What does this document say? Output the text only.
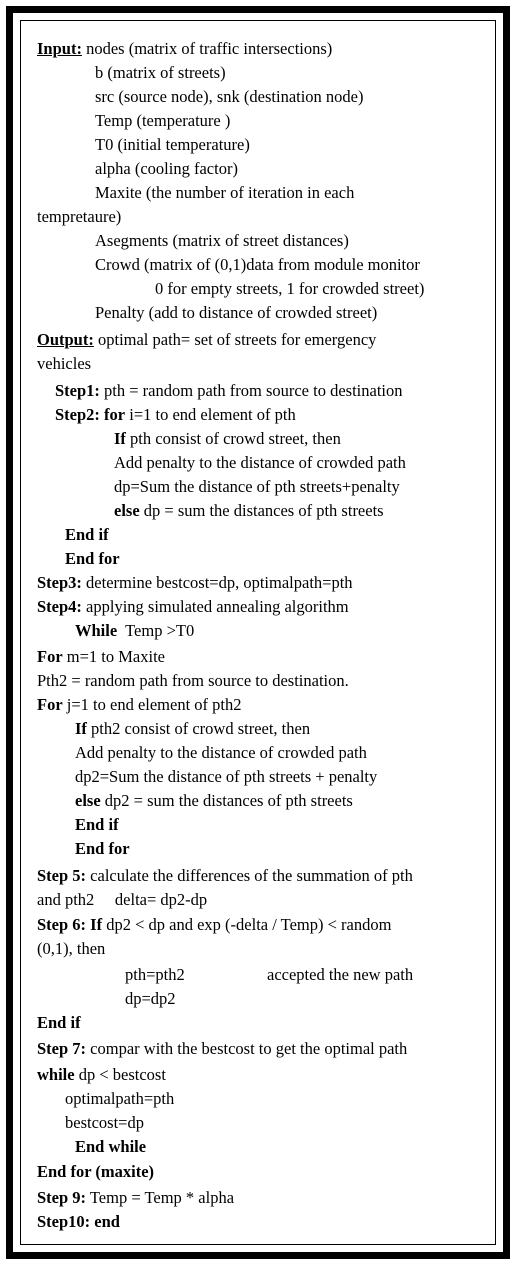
Input: nodes (matrix of traffic intersections)
b (matrix of streets)
src (source node), snk (destination node)
Temp (temperature )
T0 (initial temperature)
alpha (cooling factor)
Maxite (the number of iteration in each
tempretaure)
Asegments (matrix of street distances)
Crowd (matrix of (0,1)data from module monitor
0 for empty streets, 1 for crowded street)
Penalty (add to distance of crowded street)
Output: optimal path= set of streets for emergency
vehicles
Step1: pth = random path from source to destination
Step2: for i=1 to end element of pth
If pth consist of crowd street, then
Add penalty to the distance of crowded path
dp=Sum the distance of pth streets+penalty
else dp = sum the distances of pth streets
End if
End for
Step3: determine bestcost=dp, optimalpath=pth
Step4: applying simulated annealing algorithm
While Temp >T0
For m=1 to Maxite
Pth2 = random path from source to destination.
For j=1 to end element of pth2
If pth2 consist of crowd street, then
Add penalty to the distance of crowded path
dp2=Sum the distance of pth streets + penalty
else dp2 = sum the distances of pth streets
End if
End for
Step 5: calculate the differences of the summation of pth
and pth2     delta= dp2-dp
Step 6: If dp2 < dp and exp (-delta / Temp) < random
(0,1), then
pth=pth2	accepted the new path
dp=dp2
End if
Step 7: compar with the bestcost to get the optimal path
while dp < bestcost
optimalpath=pth
bestcost=dp
End while
End for (maxite)
Step 9: Temp = Temp * alpha
Step10: end
